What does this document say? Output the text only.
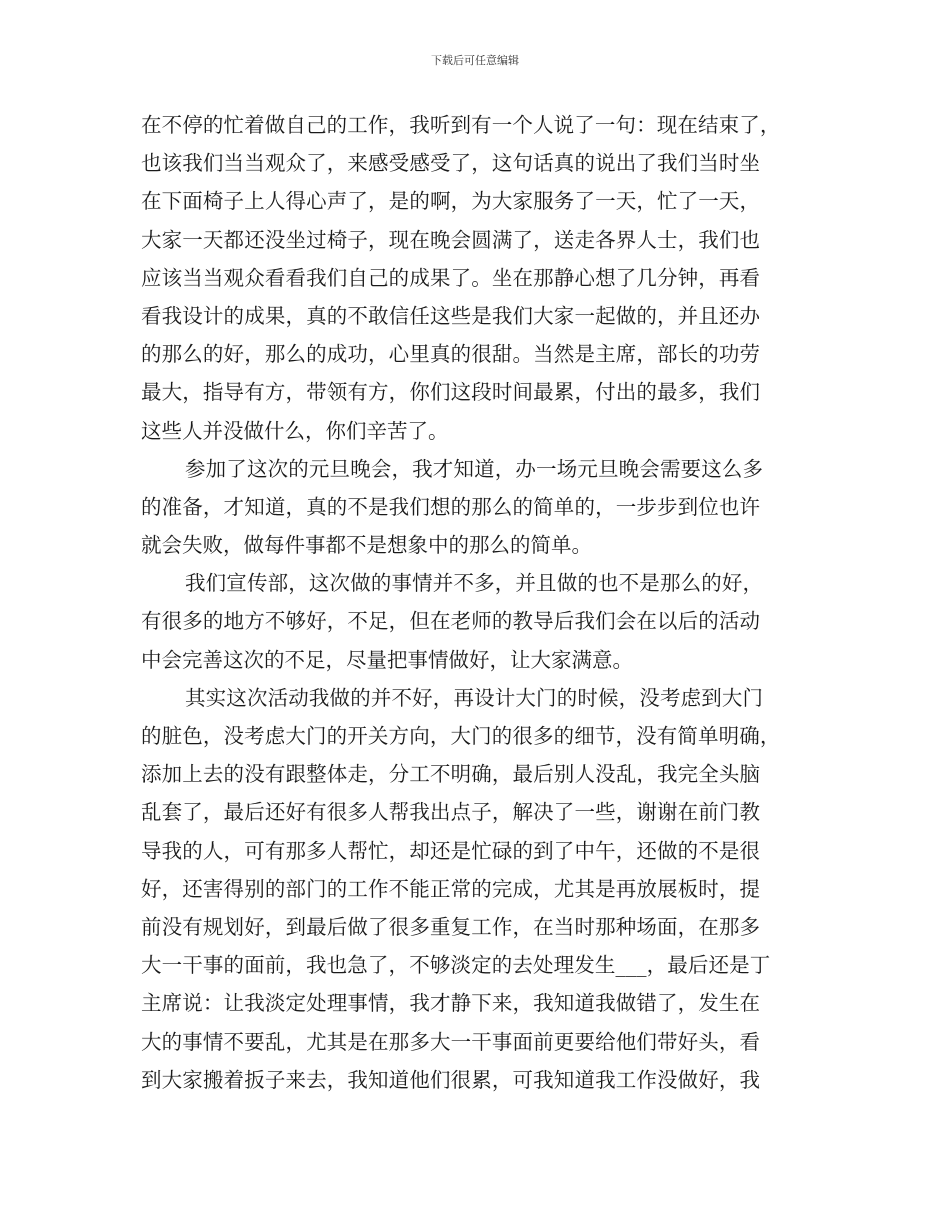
下载后可任意编辑
在不停的忙着做自己的工作，我听到有一个人说了一句：现在结束了，
也该我们当当观众了，来感受感受了，这句话真的说出了我们当时坐
在下面椅子上人得心声了，是的啊，为大家服务了一天，忙了一天，
大家一天都还没坐过椅子，现在晚会圆满了，送走各界人士，我们也
应该当当观众看看我们自己的成果了。坐在那静心想了几分钟，再看
看我设计的成果，真的不敢信任这些是我们大家一起做的，并且还办
的那么的好，那么的成功，心里真的很甜。当然是主席，部长的功劳
最大，指导有方，带领有方，你们这段时间最累，付出的最多，我们
这些人并没做什么，你们辛苦了。
参加了这次的元旦晚会，我才知道，办一场元旦晚会需要这么多
的准备，才知道，真的不是我们想的那么的简单的，一步步到位也许
就会失败，做每件事都不是想象中的那么的简单。
我们宣传部，这次做的事情并不多，并且做的也不是那么的好，
有很多的地方不够好，不足，但在老师的教导后我们会在以后的活动
中会完善这次的不足，尽量把事情做好，让大家满意。
其实这次活动我做的并不好，再设计大门的时候，没考虑到大门
的脏色，没考虑大门的开关方向，大门的很多的细节，没有简单明确，
添加上去的没有跟整体走，分工不明确，最后别人没乱，我完全头脑
乱套了，最后还好有很多人帮我出点子，解决了一些，谢谢在前门教
导我的人，可有那多人帮忙，却还是忙碌的到了中午，还做的不是很
好，还害得别的部门的工作不能正常的完成，尤其是再放展板时，提
前没有规划好，到最后做了很多重复工作，在当时那种场面，在那多
大一干事的面前，我也急了，不够淡定的去处理发生___，最后还是丁
主席说：让我淡定处理事情，我才静下来，我知道我做错了，发生在
大的事情不要乱，尤其是在那多大一干事面前更要给他们带好头，看
到大家搬着扳子来去，我知道他们很累，可我知道我工作没做好，我
